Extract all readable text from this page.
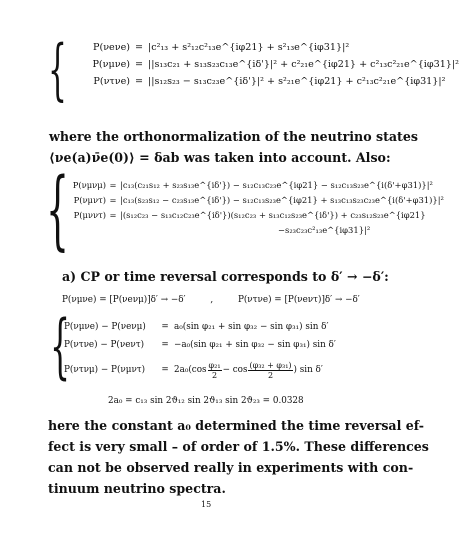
{	P(νeνe) = |c²₁₃ + s²₁₂c²₁₃e^{iφ21} + s²₁₃e^{iφ31}|²
P(νμνe) = ||s₁₃c₂₁ + s₁₃s₂₃c₁₃e^{iδ'}|² + c²₂₁e^{iφ21} + c²₁₃c²₂₁e^{iφ31}|²
P(ντνe) = ||s₁₂s₂₃ − s₁₃c₂₃e^{iδ'}|² + s²₂₁e^{iφ21} + c²₁₃c²₂₁e^{iφ31}|²
where the orthonormalization of the neutrino states
⟨νe(a)ν̄e(0)⟩ = δab was taken into account. Also:
{ P(νμνμ) = |c₁₃(c₂₁s₁₂ + s₂₃s₁₃e^{iδ'}) − s₁₂c₁₃c₂₃e^{iφ21} − s₁₂c₁₃s₂₃e^{i(δ'+φ31)}|²
P(νμντ) = |c₁₃(s₂₃s₁₂ − c₂₃s₁₃e^{iδ'}) − s₁₂c₁₃s₂₃e^{iφ21} + s₁₃c₁₃s₂₃c₂₃e^{i(δ'+φ31)}|²
P(μνντ) = |(s₁₂c₂₃ − s₁₃c₁₂c₂₃e^{iδ'})(s₁₂c₂₃ + s₁₃c₁₂s₂₃e^{iδ'}) + c₂₃s₁₂s₂₃e^{iφ21}
−s₂₃c₂₃c²₁₃e^{iφ31}|²
a) CP or time reversal corresponds to δ′ → −δ′:
P(νμνe) = [P(νeνμ)]δ′ → −δ′	,	P(ντνe) = [P(νeντ)]δ′ → −δ′
{
P(νμνe) − P(νeνμ) = a₀(sin φ₂₁ + sin φ₃₂ − sin φ₃₁) sin δ′
P(ντνe) − P(νeντ) = −a₀(sin φ₂₁ + sin φ₃₂ − sin φ₃₁) sin δ′
P(ντνμ) − P(νμντ)	= $2a_0(\cos \frac{\text{φ₂₁}}{2} - \cos \frac{\text{(φ₃₂ + φ₃₁)}}{2}$ ) sin δ′
2a₀ = c₁₃ sin 2ϑ₁₂ sin 2ϑ₁₃ sin 2ϑ₂₃ = 0.0328
here the constant a₀ determined the time reversal ef-
fect is very small – of order of 1.5%. These differences
can not be observed really in experiments with con-
tinuum neutrino spectra.
15
